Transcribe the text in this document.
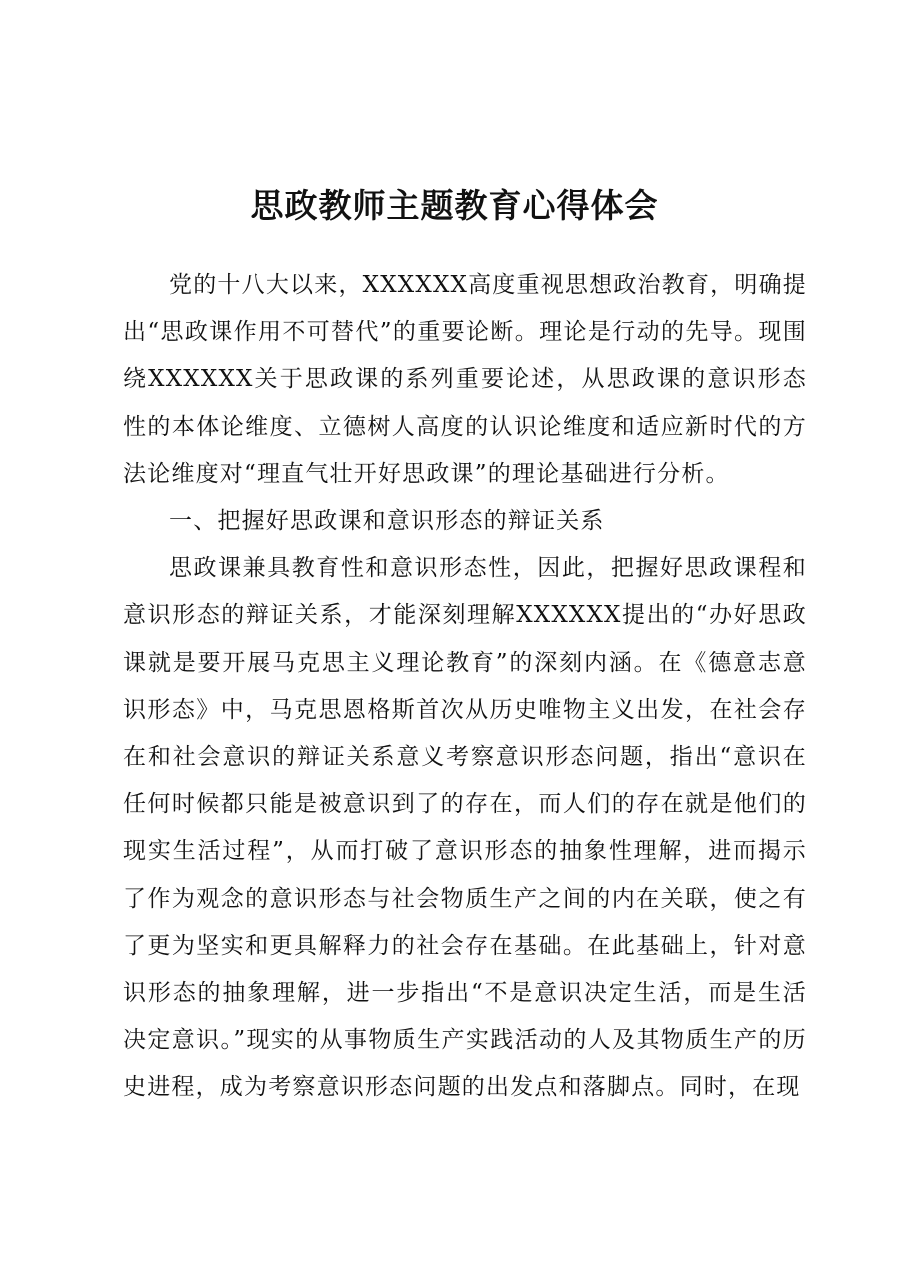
思政教师主题教育心得体会

党的十八大以来，XXXXXX高度重视思想政治教育，明确提出“思政课作用不可替代”的重要论断。理论是行动的先导。现围绕XXXXXX关于思政课的系列重要论述，从思政课的意识形态性的本体论维度、立德树人高度的认识论维度和适应新时代的方法论维度对“理直气壮开好思政课”的理论基础进行分析。

一、把握好思政课和意识形态的辩证关系

思政课兼具教育性和意识形态性，因此，把握好思政课程和意识形态的辩证关系，才能深刻理解XXXXXX提出的“办好思政课就是要开展马克思主义理论教育”的深刻内涵。在《德意志意识形态》中，马克思恩格斯首次从历史唯物主义出发，在社会存在和社会意识的辩证关系意义考察意识形态问题，指出“意识在任何时候都只能是被意识到了的存在，而人们的存在就是他们的现实生活过程”，从而打破了意识形态的抽象性理解，进而揭示了作为观念的意识形态与社会物质生产之间的内在关联，使之有了更为坚实和更具解释力的社会存在基础。在此基础上，针对意识形态的抽象理解，进一步指出“不是意识决定生活，而是生活决定意识。”现实的从事物质生产实践活动的人及其物质生产的历史进程，成为考察意识形态问题的出发点和落脚点。同时，在现
